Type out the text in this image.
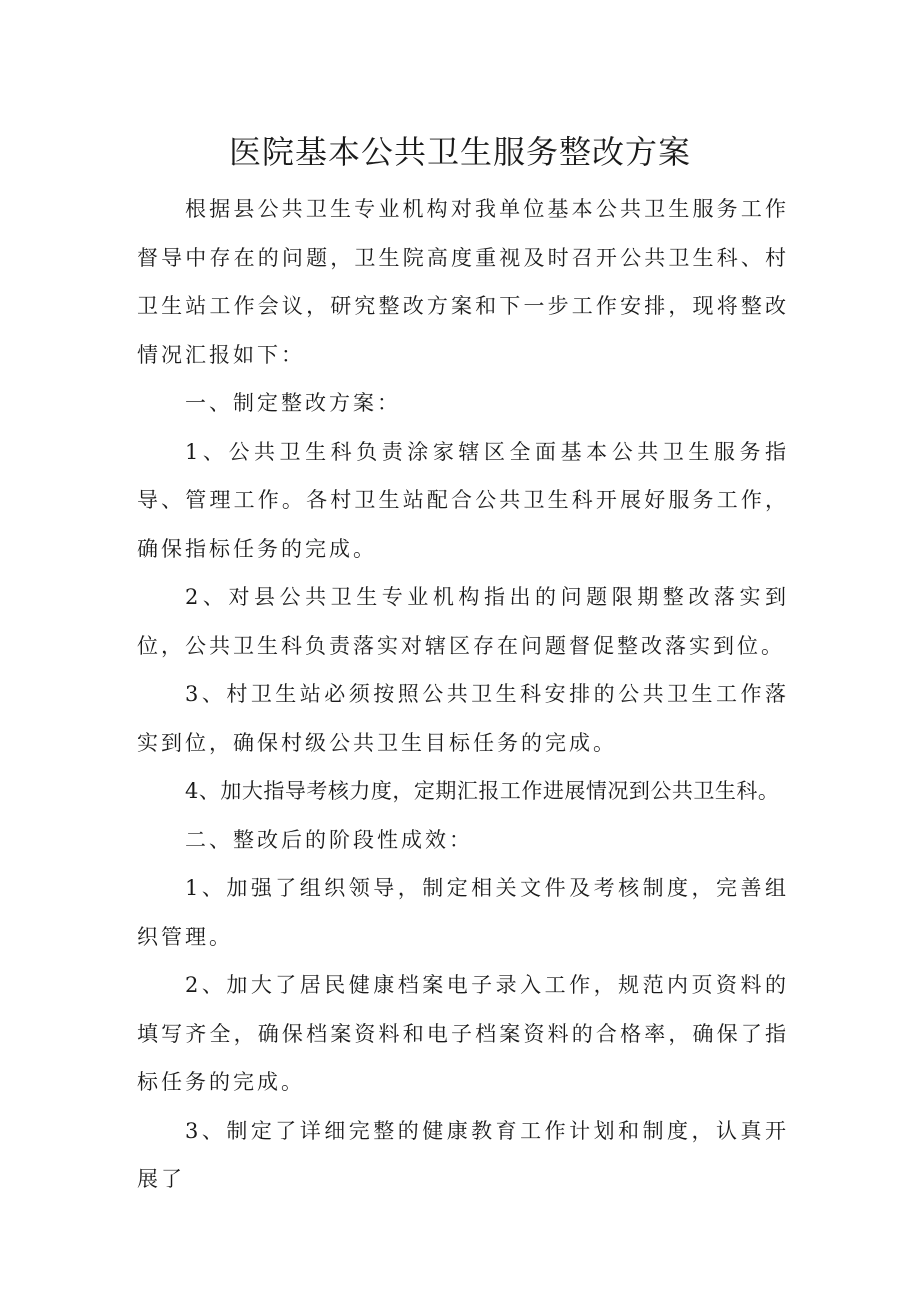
医院基本公共卫生服务整改方案

根据县公共卫生专业机构对我单位基本公共卫生服务工作督导中存在的问题，卫生院高度重视及时召开公共卫生科、村卫生站工作会议，研究整改方案和下一步工作安排，现将整改情况汇报如下：

一、制定整改方案：

1、公共卫生科负责涂家辖区全面基本公共卫生服务指导、管理工作。各村卫生站配合公共卫生科开展好服务工作，确保指标任务的完成。

2、对县公共卫生专业机构指出的问题限期整改落实到位，公共卫生科负责落实对辖区存在问题督促整改落实到位。

3、村卫生站必须按照公共卫生科安排的公共卫生工作落实到位，确保村级公共卫生目标任务的完成。

4、加大指导考核力度，定期汇报工作进展情况到公共卫生科。

二、整改后的阶段性成效：

1、加强了组织领导，制定相关文件及考核制度，完善组织管理。

2、加大了居民健康档案电子录入工作，规范内页资料的填写齐全，确保档案资料和电子档案资料的合格率，确保了指标任务的完成。

3、制定了详细完整的健康教育工作计划和制度，认真开展了
